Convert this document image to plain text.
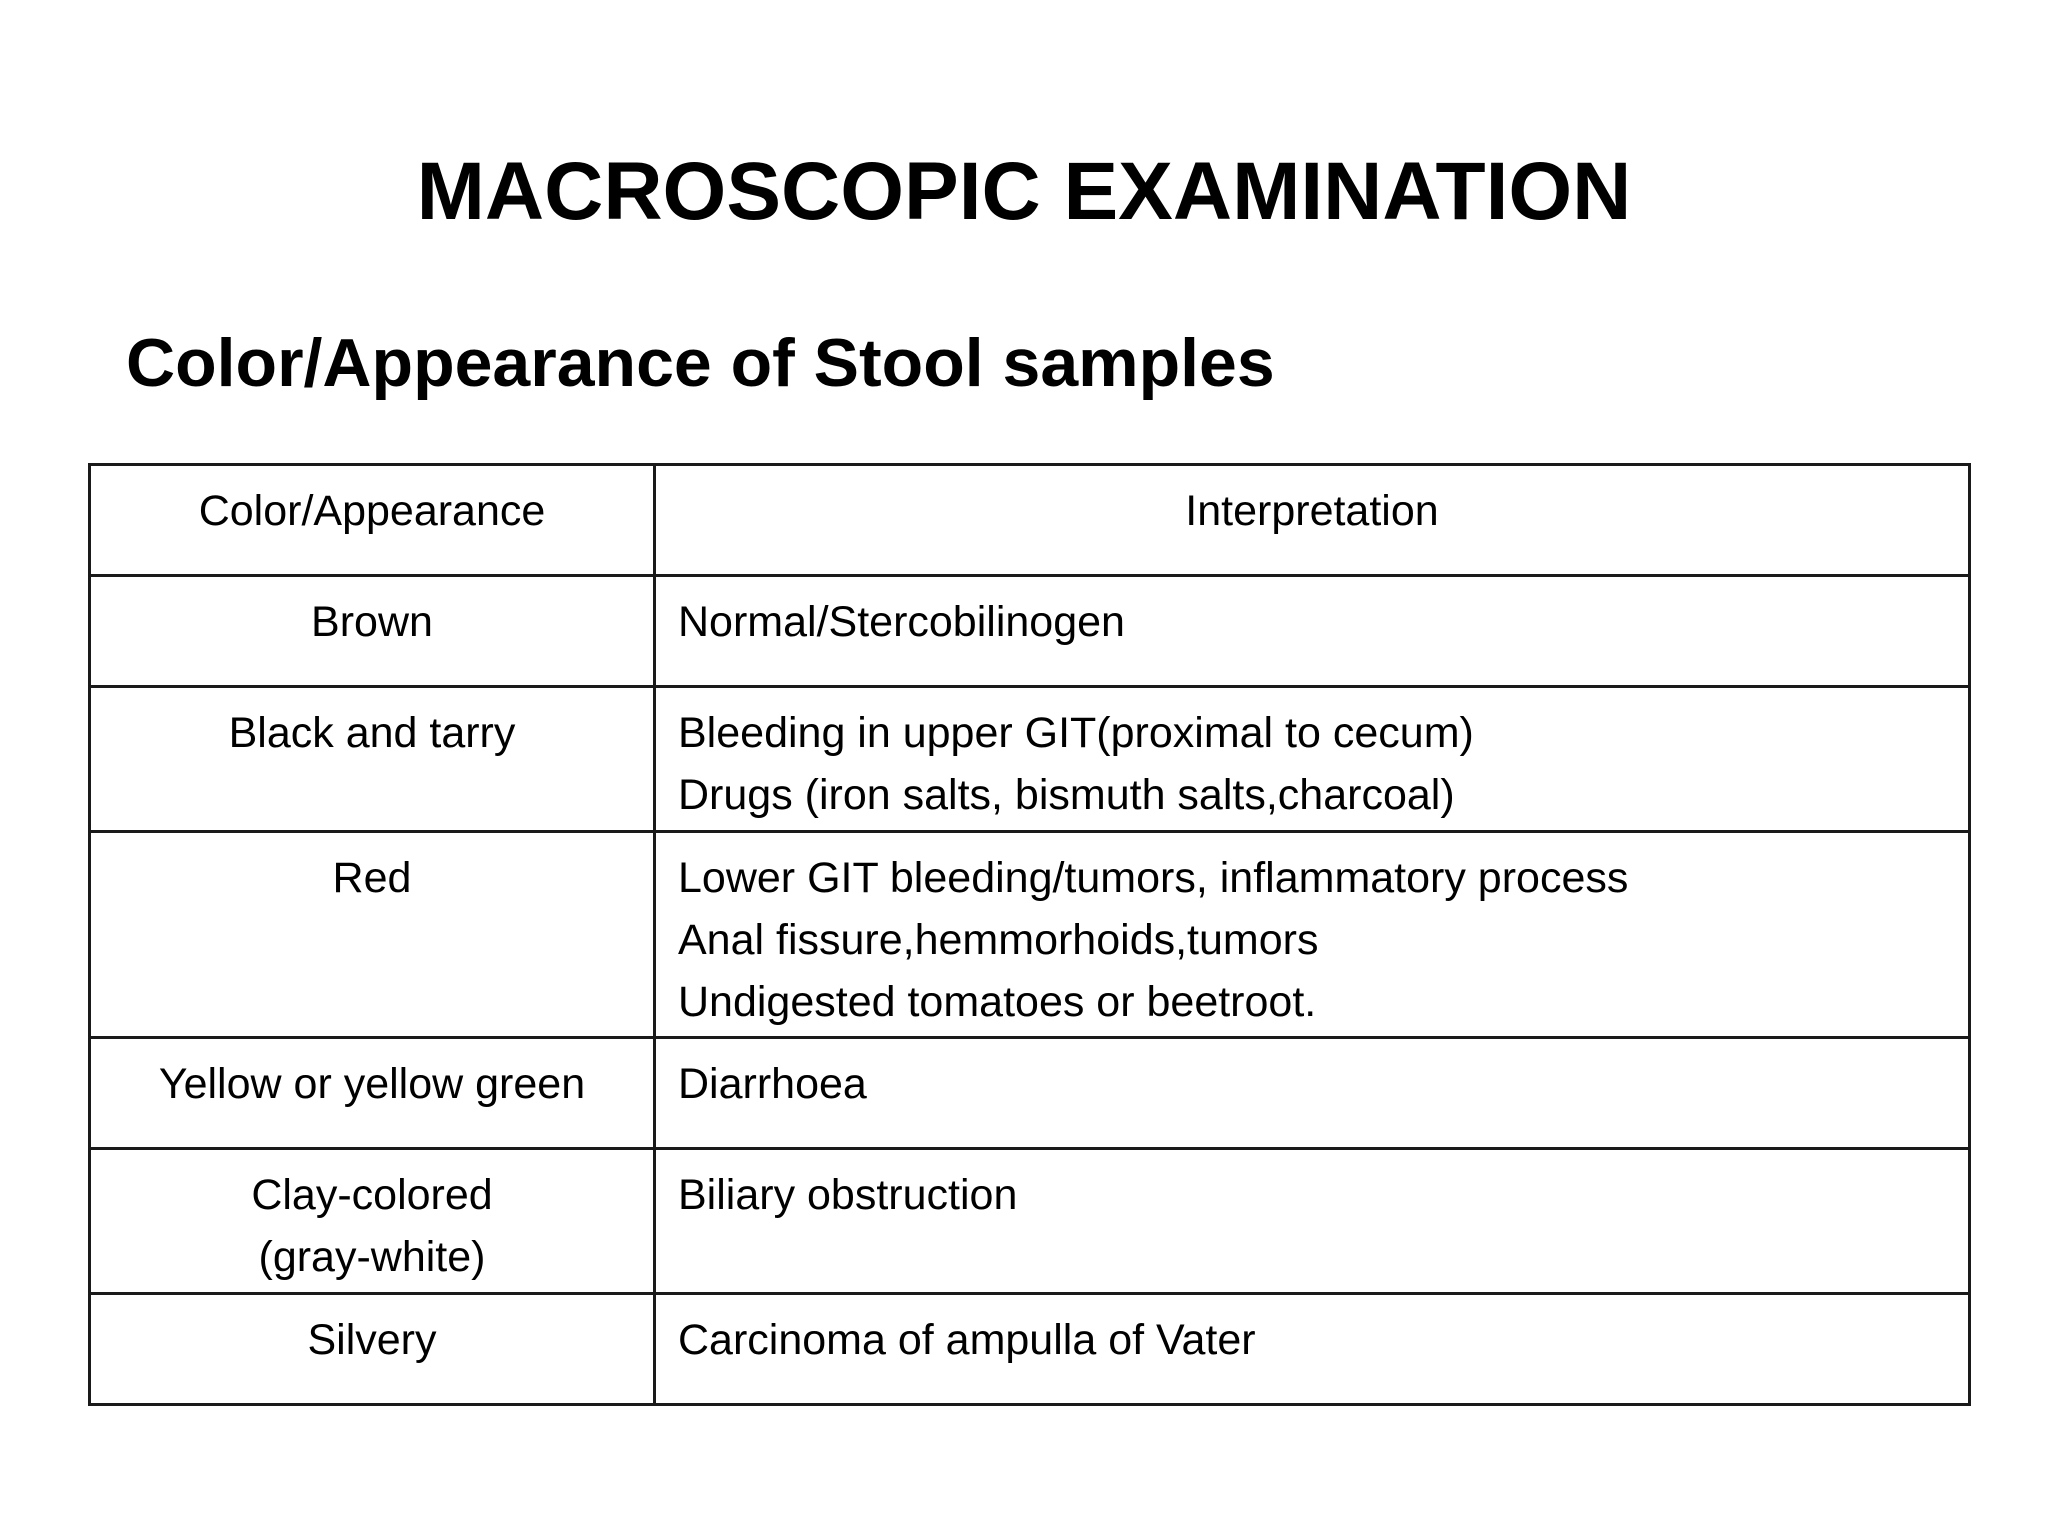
MACROSCOPIC EXAMINATION
Color/Appearance of Stool samples
Color/Appearance	Interpretation

Brown	Normal/Stercobilinogen

Black and tarry	Bleeding in upper GIT(proximal to cecum)
Drugs (iron salts, bismuth salts,charcoal)

Red	Lower GIT bleeding/tumors, inflammatory process
Anal fissure,hemmorhoids,tumors
Undigested tomatoes or beetroot.

Yellow or yellow green	Diarrhoea

Clay-colored
(gray-white)	Biliary obstruction

Silvery	Carcinoma of ampulla of Vater
